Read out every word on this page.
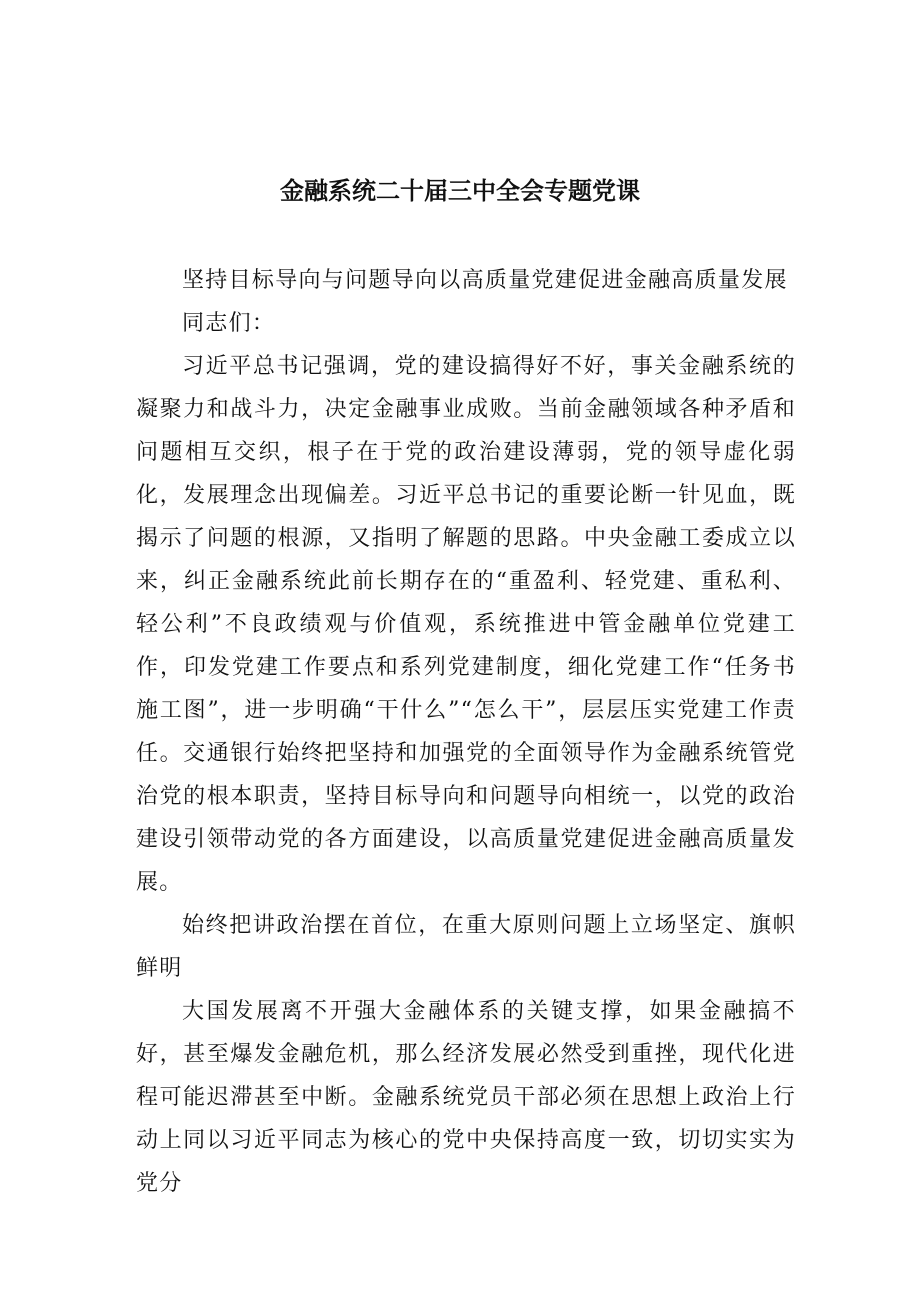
金融系统二十届三中全会专题党课

坚持目标导向与问题导向以高质量党建促进金融高质量发展

同志们：

习近平总书记强调，党的建设搞得好不好，事关金融系统的凝聚力和战斗力，决定金融事业成败。当前金融领域各种矛盾和问题相互交织，根子在于党的政治建设薄弱，党的领导虚化弱化，发展理念出现偏差。习近平总书记的重要论断一针见血，既揭示了问题的根源，又指明了解题的思路。中央金融工委成立以来，纠正金融系统此前长期存在的“重盈利、轻党建、重私利、轻公利”不良政绩观与价值观，系统推进中管金融单位党建工作，印发党建工作要点和系列党建制度，细化党建工作“任务书施工图”，进一步明确“干什么”“怎么干”，层层压实党建工作责任。交通银行始终把坚持和加强党的全面领导作为金融系统管党治党的根本职责，坚持目标导向和问题导向相统一，以党的政治建设引领带动党的各方面建设，以高质量党建促进金融高质量发展。

始终把讲政治摆在首位，在重大原则问题上立场坚定、旗帜鲜明

大国发展离不开强大金融体系的关键支撑，如果金融搞不好，甚至爆发金融危机，那么经济发展必然受到重挫，现代化进程可能迟滞甚至中断。金融系统党员干部必须在思想上政治上行动上同以习近平同志为核心的党中央保持高度一致，切切实实为党分
